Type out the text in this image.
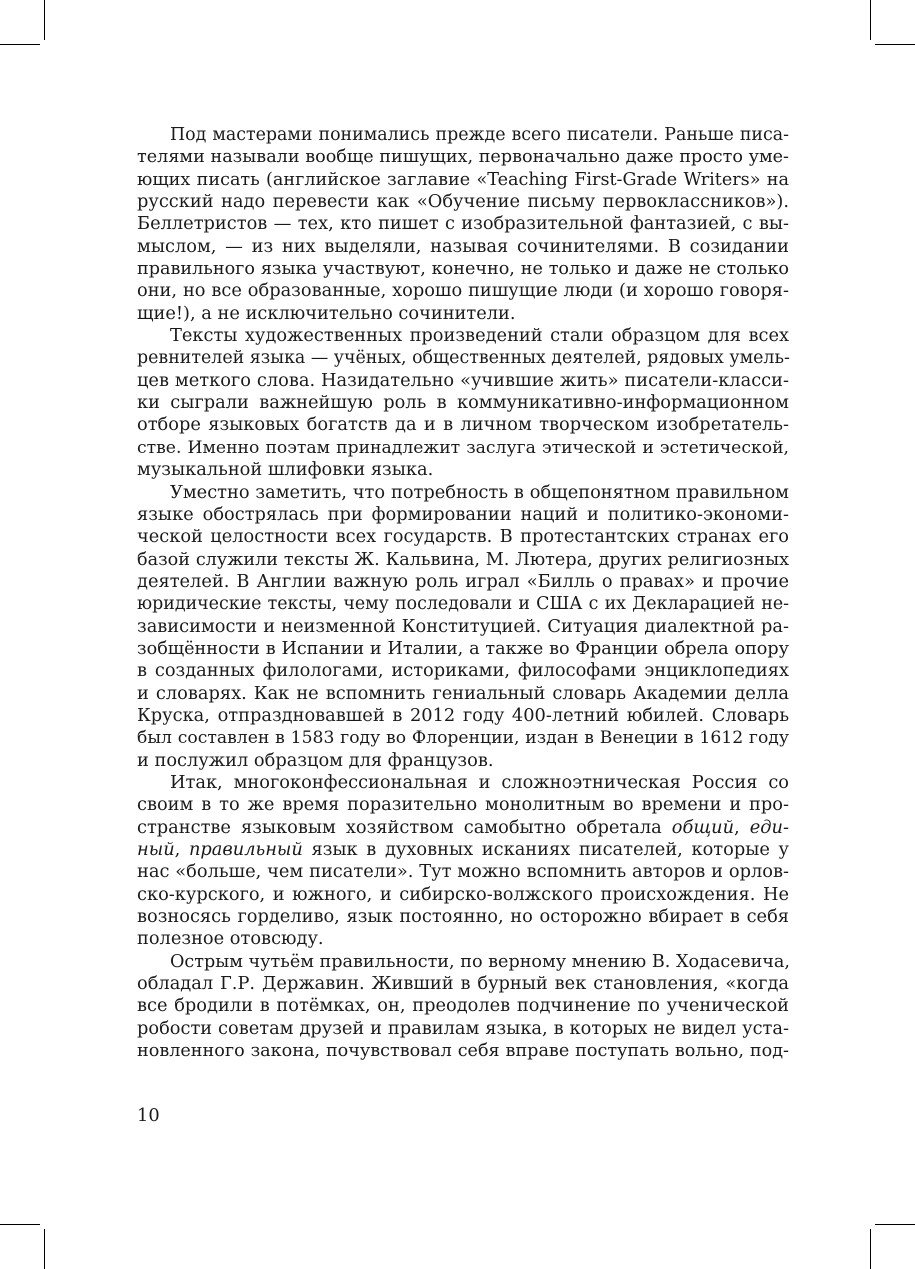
Под мастерами понимались прежде всего писатели. Раньше писа-
телями называли вообще пишущих, первоначально даже просто уме-
ющих писать (английское заглавие «Teaching First-Grade Writers» на
русский надо перевести как «Обучение письму первоклассников»).
Беллетристов — тех, кто пишет с изобразительной фантазией, с вы-
мыслом, — из них выделяли, называя сочинителями. В созидании
правильного языка участвуют, конечно, не только и даже не столько
они, но все образованные, хорошо пишущие люди (и хорошо говоря-
щие!), а не исключительно сочинители.

Тексты художественных произведений стали образцом для всех
ревнителей языка — учёных, общественных деятелей, рядовых умель-
цев меткого слова. Назидательно «учившие жить» писатели-класси-
ки сыграли важнейшую роль в коммуникативно-информационном
отборе языковых богатств да и в личном творческом изобретатель-
стве. Именно поэтам принадлежит заслуга этической и эстетической,
музыкальной шлифовки языка.

Уместно заметить, что потребность в общепонятном правильном
языке обострялась при формировании наций и политико-экономи-
ческой целостности всех государств. В протестантских странах его
базой служили тексты Ж. Кальвина, М. Лютера, других религиозных
деятелей. В Англии важную роль играл «Билль о правах» и прочие
юридические тексты, чему последовали и США с их Декларацией не-
зависимости и неизменной Конституцией. Ситуация диалектной ра-
зобщённости в Испании и Италии, а также во Франции обрела опору
в созданных филологами, историками, философами энциклопедиях
и словарях. Как не вспомнить гениальный словарь Академии делла
Круска, отпраздновавшей в 2012 году 400-летний юбилей. Словарь
был составлен в 1583 году во Флоренции, издан в Венеции в 1612 году
и послужил образцом для французов.

Итак, многоконфессиональная и сложноэтническая Россия со
своим в то же время поразительно монолитным во времени и про-
странстве языковым хозяйством самобытно обретала общий, еди-
ный, правильный язык в духовных исканиях писателей, которые у
нас «больше, чем писатели». Тут можно вспомнить авторов и орлов-
ско-курского, и южного, и сибирско-волжского происхождения. Не
возносясь горделиво, язык постоянно, но осторожно вбирает в себя
полезное отовсюду.

Острым чутьём правильности, по верному мнению В. Ходасевича,
обладал Г.Р. Державин. Живший в бурный век становления, «когда
все бродили в потёмках, он, преодолев подчинение по ученической
робости советам друзей и правилам языка, в которых не видел уста-
новленного закона, почувствовал себя вправе поступать вольно, под-

10
